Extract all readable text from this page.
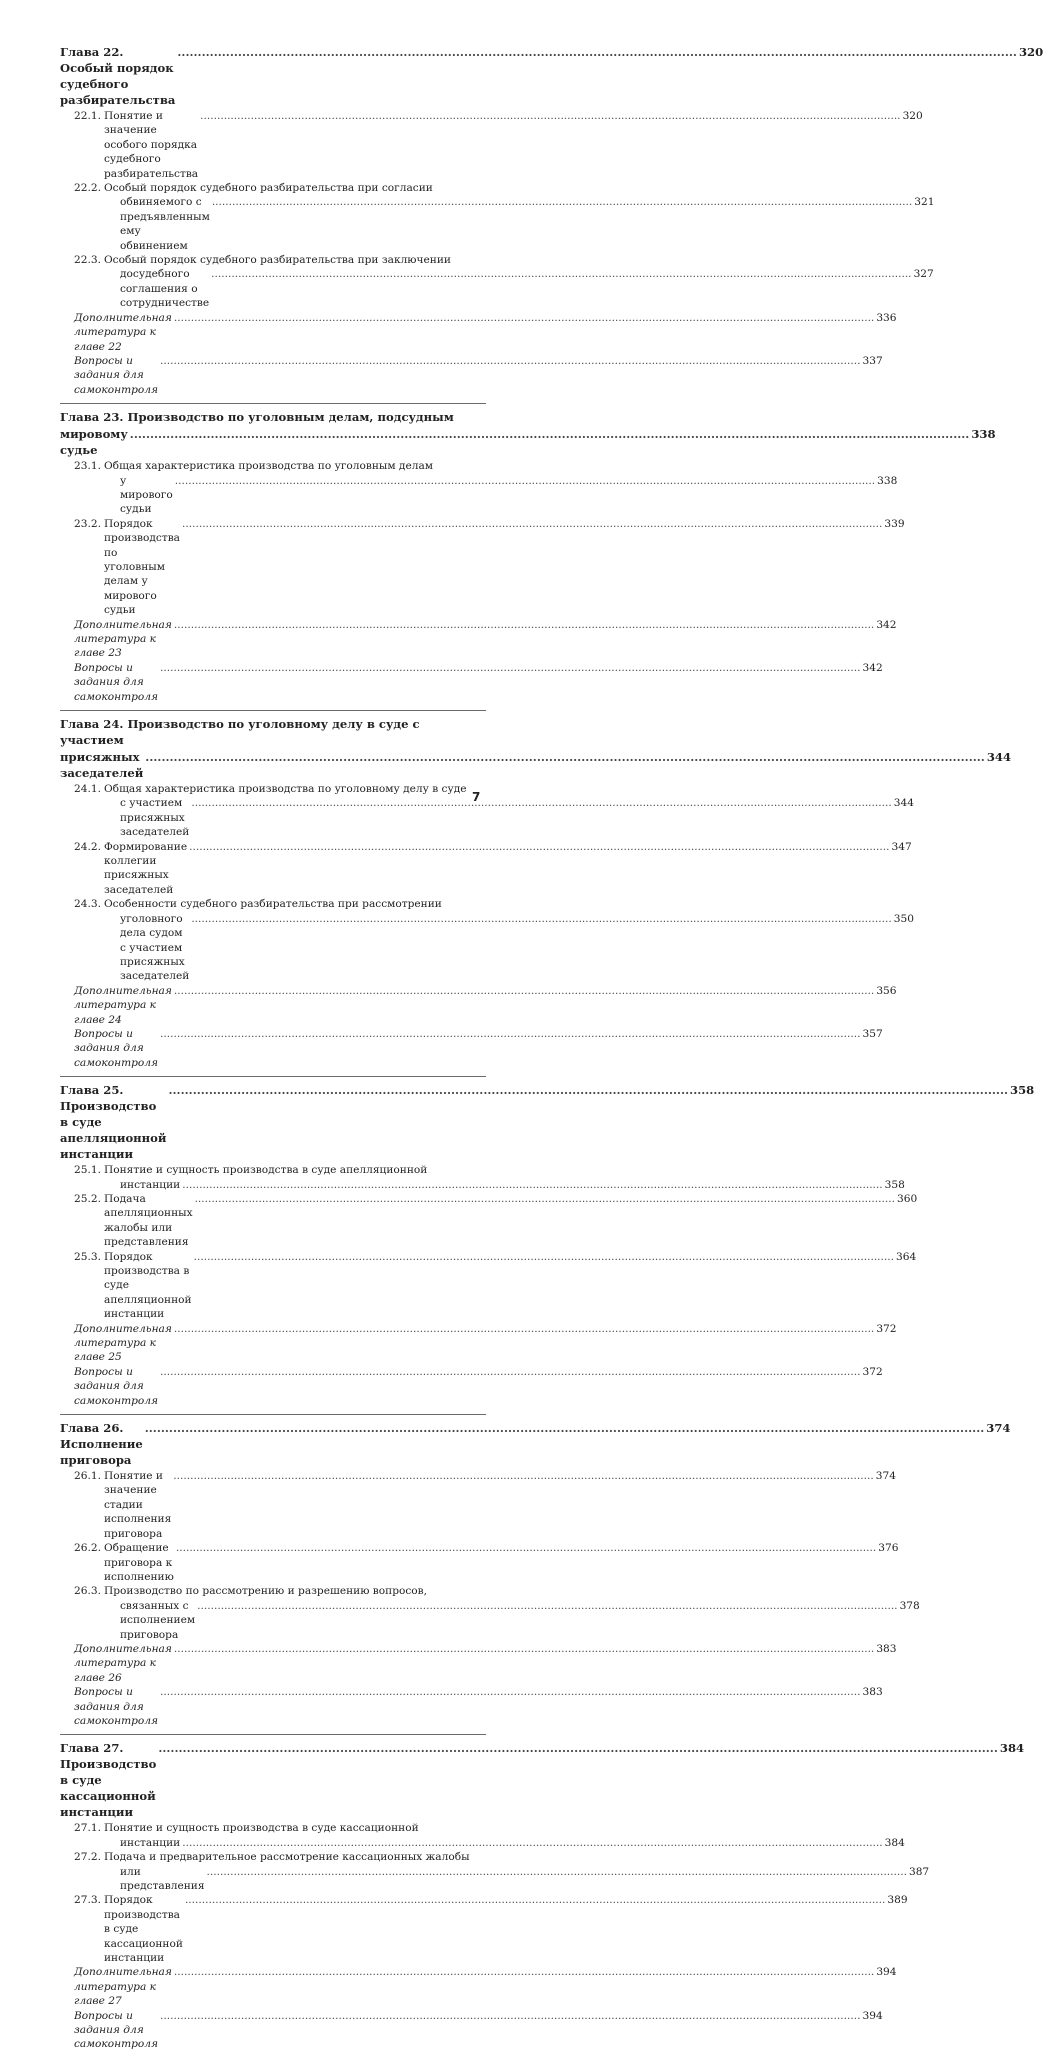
Глава 22. Особый порядок судебного разбирательства
.....
320
22.1. Понятие и значение особого порядка судебного разбирательства
.....
320
22.2. Особый порядок судебного разбирательства при согласии
обвиняемого с предъявленным ему обвинением
.....
321
22.3. Особый порядок судебного разбирательства при заключении
досудебного соглашения о сотрудничестве
.....
327
Дополнительная литература к главе 22
.....
336
Вопросы и задания для самоконтроля
.....
337
Глава 23. Производство по уголовным делам, подсудным
мировому судье
.....
338
23.1. Общая характеристика производства по уголовным делам
у мирового судьи
.....
338
23.2. Порядок производства по уголовным делам у мирового судьи
.....
339
Дополнительная литература к главе 23
.....
342
Вопросы и задания для самоконтроля
.....
342
Глава 24. Производство по уголовному делу в суде с участием
присяжных заседателей
.....
344
24.1. Общая характеристика производства по уголовному делу в суде
с участием присяжных заседателей
.....
344
24.2. Формирование коллегии присяжных заседателей
.....
347
24.3. Особенности судебного разбирательства при рассмотрении
уголовного дела судом с участием присяжных заседателей
.....
350
Дополнительная литература к главе 24
.....
356
Вопросы и задания для самоконтроля
.....
357
Глава 25. Производство в суде апелляционной инстанции
.....
358
25.1. Понятие и сущность производства в суде апелляционной
инстанции .....	358
25.2. Подача апелляционных жалобы или представления
.....
360
25.3. Порядок производства в суде апелляционной инстанции
.....
364
Дополнительная литература к главе 25
.....
372
Вопросы и задания для самоконтроля
.....
372
Глава 26. Исполнение приговора
.....
374
26.1. Понятие и значение стадии исполнения приговора
.....
374
26.2. Обращение приговора к исполнению
.....
376
26.3. Производство по рассмотрению и разрешению вопросов,
связанных с исполнением приговора
.....
378
Дополнительная литература к главе 26
.....
383
Вопросы и задания для самоконтроля
.....
383
Глава 27. Производство в суде кассационной инстанции
.....
384
27.1. Понятие и сущность производства в суде кассационной
инстанции .....	384
27.2. Подача и предварительное рассмотрение кассационных жалобы
или представления
.....
387
27.3. Порядок производства в суде кассационной инстанции
.....
389
Дополнительная литература к главе 27
.....
394
Вопросы и задания для самоконтроля
.....
394
7
